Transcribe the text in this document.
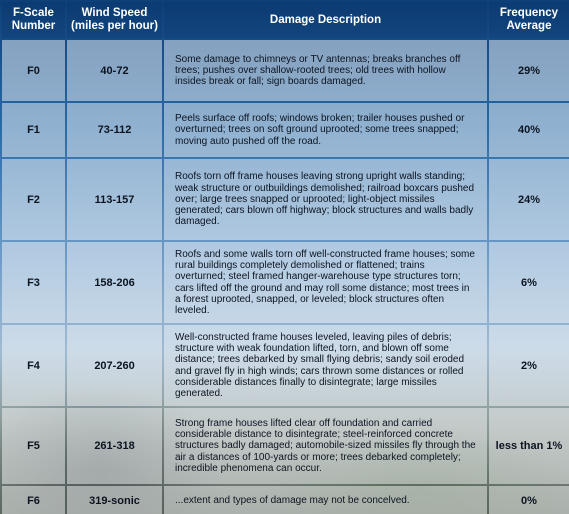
F-Scale Number	Wind Speed (miles per hour)	Damage Description	Frequency Average
F0	40-72	Some damage to chimneys or TV antennas; breaks branches off trees; pushes over shallow-rooted trees; old trees with hollow insides break or fall; sign boards damaged.	29%
F1	73-112	Peels surface off roofs; windows broken; trailer houses pushed or overturned; trees on soft ground uprooted; some trees snapped; moving auto pushed off the road.	40%
F2	113-157	Roofs torn off frame houses leaving strong upright walls standing; weak structure or outbuildings demolished; railroad boxcars pushed over; large trees snapped or uprooted; light-object missiles generated; cars blown off highway; block structures and walls badly damaged.	24%
F3	158-206	Roofs and some walls torn off well-constructed frame houses; some rural buildings completely demolished or flattened; trains overturned; steel framed hanger-warehouse type structures torn; cars lifted off the ground and may roll some distance; most trees in a forest uprooted, snapped, or leveled; block structures often leveled.	6%
F4	207-260	Well-constructed frame houses leveled, leaving piles of debris; structure with weak foundation lifted, torn, and blown off some distance; trees debarked by small flying debris; sandy soil eroded and gravel fly in high winds; cars thrown some distances or rolled considerable distances finally to disintegrate; large missiles generated.	2%
F5	261-318	Strong frame houses lifted clear off foundation and carried considerable distance to disintegrate; steel-reinforced concrete structures badly damaged; automobile-sized missiles fly through the air a distances of 100-yards or more; trees debarked completely; incredible phenomena can occur.	less than 1%
F6	319-sonic	...extent and types of damage may not be concelved.	0%
